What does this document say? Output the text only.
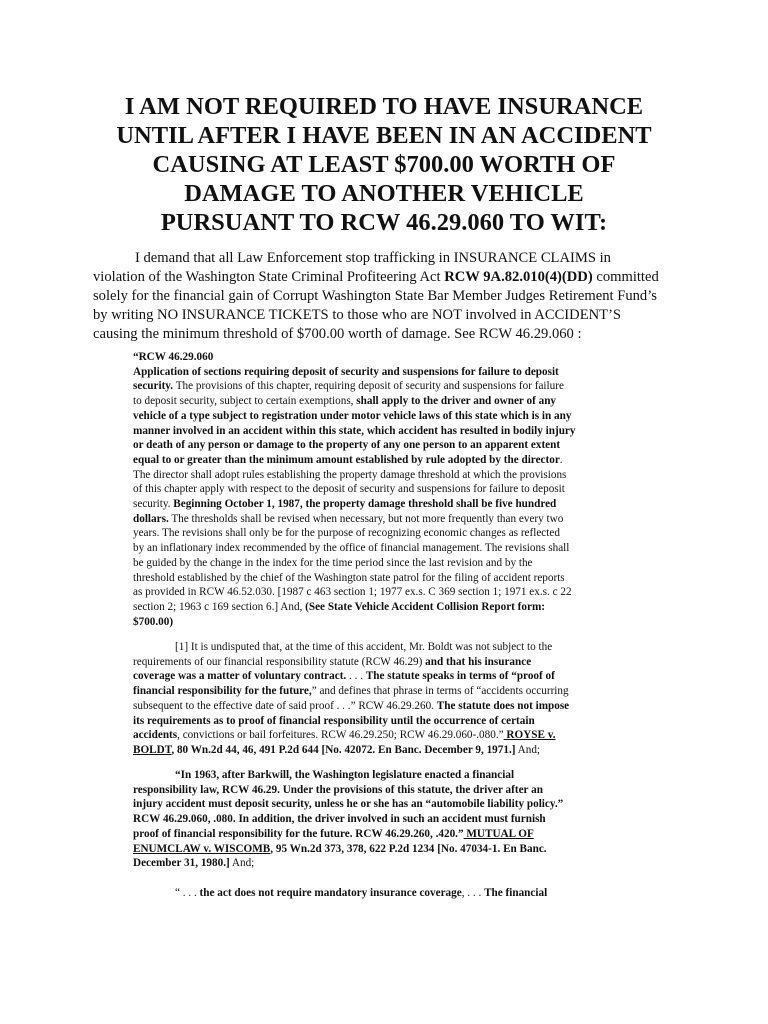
I AM NOT REQUIRED TO HAVE INSURANCE
UNTIL AFTER I HAVE BEEN IN AN ACCIDENT
CAUSING AT LEAST $700.00 WORTH OF
DAMAGE TO ANOTHER VEHICLE
PURSUANT TO RCW 46.29.060 TO WIT:
I demand that all Law Enforcement stop trafficking in INSURANCE CLAIMS in
violation of the Washington State Criminal Profiteering Act RCW 9A.82.010(4)(DD) committed
solely for the financial gain of Corrupt Washington State Bar Member Judges Retirement Fund’s
by writing NO INSURANCE TICKETS to those who are NOT involved in ACCIDENT’S
causing the minimum threshold of $700.00 worth of damage. See RCW 46.29.060 :
“RCW 46.29.060
Application of sections requiring deposit of security and suspensions for failure to deposit
security. The provisions of this chapter, requiring deposit of security and suspensions for failure
to deposit security, subject to certain exemptions, shall apply to the driver and owner of any
vehicle of a type subject to registration under motor vehicle laws of this state which is in any
manner involved in an accident within this state, which accident has resulted in bodily injury
or death of any person or damage to the property of any one person to an apparent extent
equal to or greater than the minimum amount established by rule adopted by the director.
The director shall adopt rules establishing the property damage threshold at which the provisions
of this chapter apply with respect to the deposit of security and suspensions for failure to deposit
security. Beginning October 1, 1987, the property damage threshold shall be five hundred
dollars. The thresholds shall be revised when necessary, but not more frequently than every two
years. The revisions shall only be for the purpose of recognizing economic changes as reflected
by an inflationary index recommended by the office of financial management. The revisions shall
be guided by the change in the index for the time period since the last revision and by the
threshold established by the chief of the Washington state patrol for the filing of accident reports
as provided in RCW 46.52.030. [1987 c 463 section 1; 1977 ex.s. C 369 section 1; 1971 ex.s. c 22
section 2; 1963 c 169 section 6.] And, (See State Vehicle Accident Collision Report form:
$700.00)
[1] It is undisputed that, at the time of this accident, Mr. Boldt was not subject to the
requirements of our financial responsibility statute (RCW 46.29) and that his insurance
coverage was a matter of voluntary contract. . . . The statute speaks in terms of “proof of
financial responsibility for the future,” and defines that phrase in terms of “accidents occurring
subsequent to the effective date of said proof . . .” RCW 46.29.260. The statute does not impose
its requirements as to proof of financial responsibility until the occurrence of certain
accidents, convictions or bail forfeitures. RCW 46.29.250; RCW 46.29.060-.080.” ROYSE v.
BOLDT, 80 Wn.2d 44, 46, 491 P.2d 644 [No. 42072. En Banc. December 9, 1971.] And;
“In 1963, after Barkwill, the Washington legislature enacted a financial
responsibility law, RCW 46.29. Under the provisions of this statute, the driver after an
injury accident must deposit security, unless he or she has an “automobile liability policy.”
RCW 46.29.060, .080. In addition, the driver involved in such an accident must furnish
proof of financial responsibility for the future. RCW 46.29.260, .420.” MUTUAL OF
ENUMCLAW v. WISCOMB, 95 Wn.2d 373, 378, 622 P.2d 1234 [No. 47034-1. En Banc.
December 31, 1980.] And;
“ . . . the act does not require mandatory insurance coverage, . . . The financial
